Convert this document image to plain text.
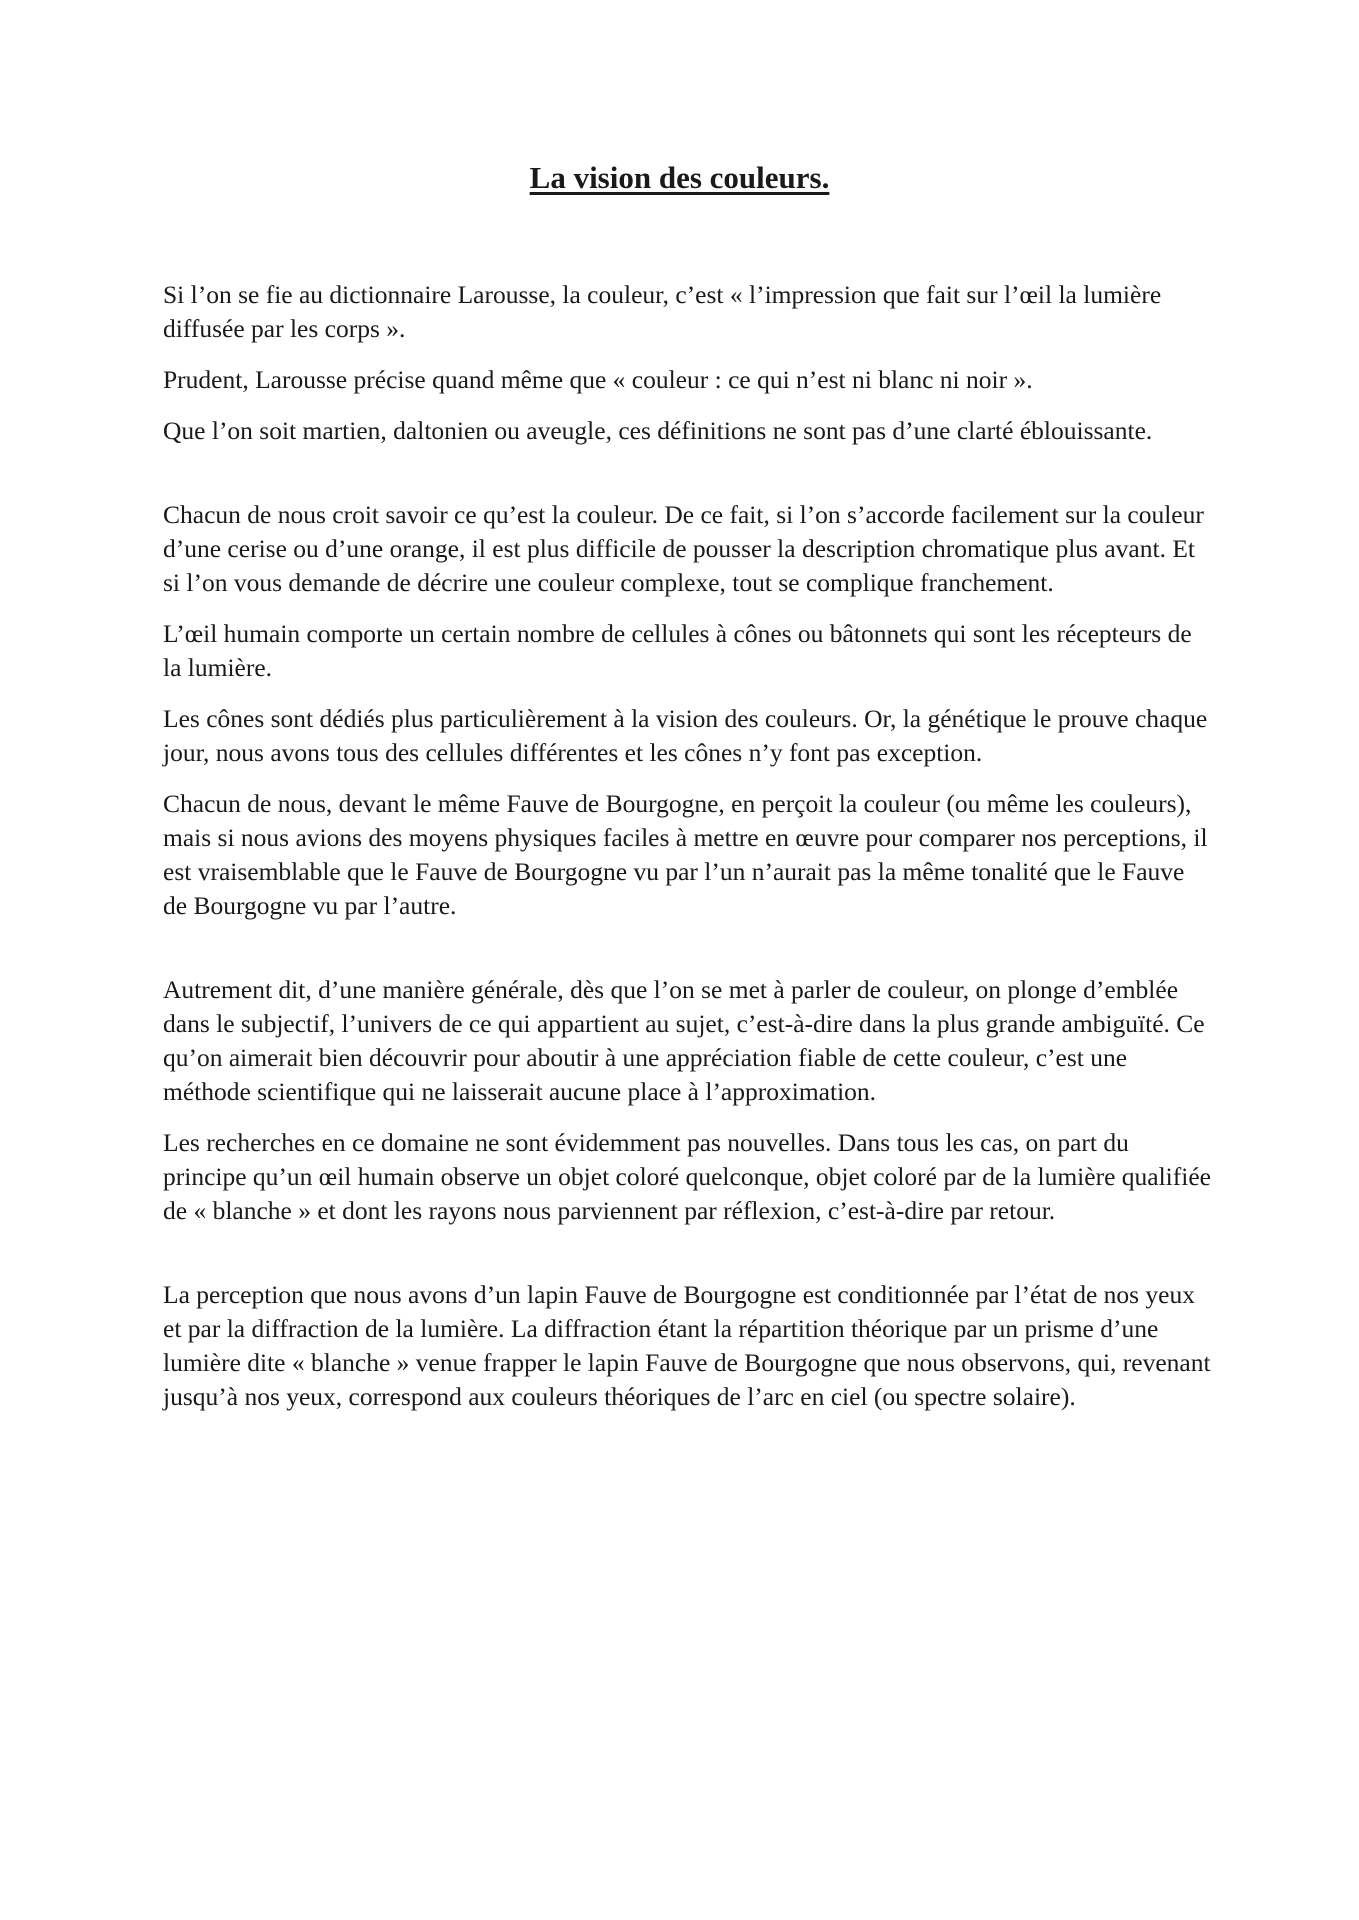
La vision des couleurs.

Si l’on se fie au dictionnaire Larousse, la couleur, c’est « l’impression que fait sur l’œil la lumière diffusée par les corps ».

Prudent, Larousse précise quand même que « couleur : ce qui n’est ni blanc ni noir ».

Que l’on soit martien, daltonien ou aveugle, ces définitions ne sont pas d’une clarté éblouissante.

Chacun de nous croit savoir ce qu’est la couleur. De ce fait, si l’on s’accorde facilement sur la couleur d’une cerise ou d’une orange, il est plus difficile de pousser la description chromatique plus avant. Et si l’on vous demande de décrire une couleur complexe, tout se complique franchement.

L’œil humain comporte un certain nombre de cellules à cônes ou bâtonnets qui sont les récepteurs de la lumière.

Les cônes sont dédiés plus particulièrement à la vision des couleurs. Or, la génétique le prouve chaque jour, nous avons tous des cellules différentes et les cônes n’y font pas exception.

Chacun de nous, devant le même Fauve de Bourgogne, en perçoit la couleur (ou même les couleurs), mais si nous avions des moyens physiques faciles à mettre en œuvre pour comparer nos perceptions, il est vraisemblable que le Fauve de Bourgogne vu par l’un n’aurait pas la même tonalité que le Fauve de Bourgogne vu par l’autre.

Autrement dit, d’une manière générale, dès que l’on se met à parler de couleur, on plonge d’emblée dans le subjectif, l’univers de ce qui appartient au sujet, c’est-à-dire dans la plus grande ambiguïté. Ce qu’on aimerait bien découvrir pour aboutir à une appréciation fiable de cette couleur, c’est une méthode scientifique qui ne laisserait aucune place à l’approximation.

Les recherches en ce domaine ne sont évidemment pas nouvelles. Dans tous les cas, on part du principe qu’un œil humain observe un objet coloré quelconque, objet coloré par de la lumière qualifiée de « blanche » et dont les rayons nous parviennent par réflexion, c’est-à-dire par retour.

La perception que nous avons d’un lapin Fauve de Bourgogne est conditionnée par l’état de nos yeux et par la diffraction de la lumière. La diffraction étant la répartition théorique par un prisme d’une lumière dite « blanche » venue frapper le lapin Fauve de Bourgogne que nous observons, qui, revenant jusqu’à nos yeux, correspond aux couleurs théoriques de l’arc en ciel (ou spectre solaire).
